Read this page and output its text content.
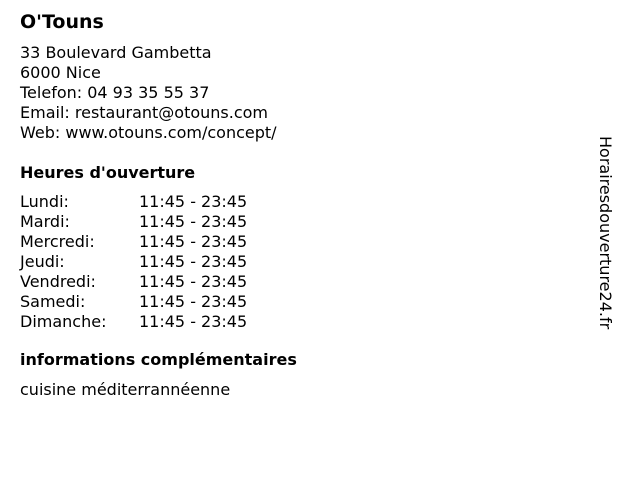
O'Touns
33 Boulevard Gambetta
6000 Nice
Telefon: 04 93 35 55 37
Email: restaurant@otouns.com
Web: www.otouns.com/concept/
Heures d'ouverture
Lundi:	11:45 - 23:45
Mardi:	11:45 - 23:45
Mercredi:	11:45 - 23:45
Jeudi:	11:45 - 23:45
Vendredi:	11:45 - 23:45
Samedi:	11:45 - 23:45
Dimanche:	11:45 - 23:45
informations complémentaires
cuisine méditerrannéenne
Horairesdouverture24.fr
